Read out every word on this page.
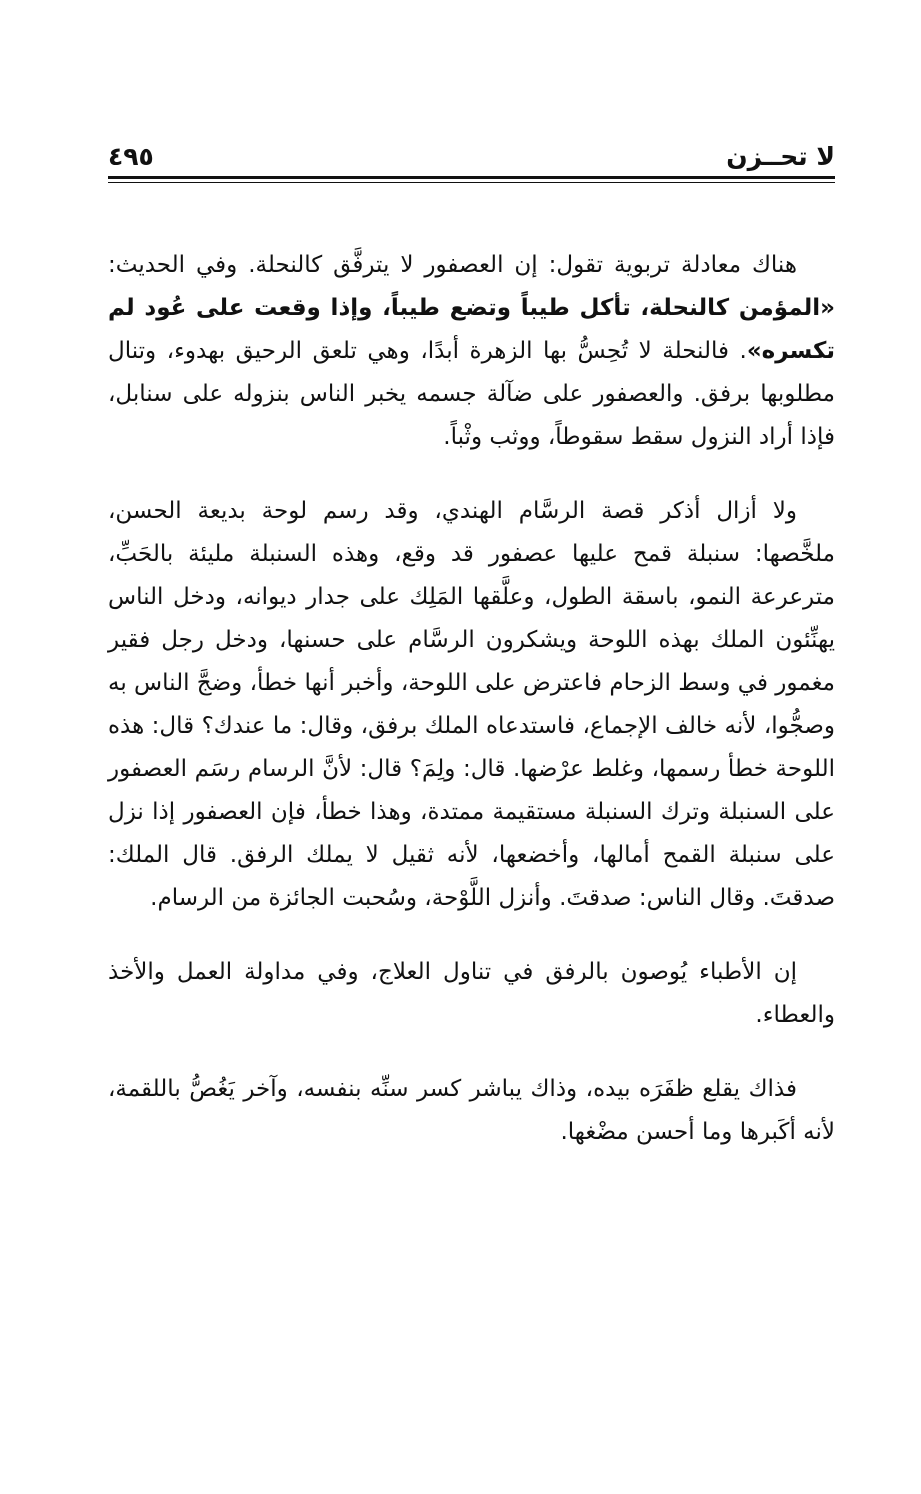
لا تحــزن
٤٩٥

هناك معادلة تربوية تقول: إن العصفور لا يترفَّق كالنحلة. وفي الحديث: «المؤمن كالنحلة، تأكل طيباً وتضع طيباً، وإذا وقعت على عُود لم تكسره». فالنحلة لا تُحِسُّ بها الزهرة أبدًا، وهي تلعق الرحيق بهدوء، وتنال مطلوبها برفق. والعصفور على ضآلة جسمه يخبر الناس بنزوله على سنابل، فإذا أراد النزول سقط سقوطاً، ووثب وثْباً.

ولا أزال أذكر قصة الرسَّام الهندي، وقد رسم لوحة بديعة الحسن، ملخَّصها: سنبلة قمح عليها عصفور قد وقع، وهذه السنبلة مليئة بالحَبِّ، مترعرعة النمو، باسقة الطول، وعلَّقها المَلِك على جدار ديوانه، ودخل الناس يهنِّئون الملك بهذه اللوحة ويشكرون الرسَّام على حسنها، ودخل رجل فقير مغمور في وسط الزحام فاعترض على اللوحة، وأخبر أنها خطأ، وضجَّ الناس به وصجُّوا، لأنه خالف الإجماع، فاستدعاه الملك برفق، وقال: ما عندك؟ قال: هذه اللوحة خطأ رسمها، وغلط عرْضها. قال: ولِمَ؟ قال: لأنَّ الرسام رسَم العصفور على السنبلة وترك السنبلة مستقيمة ممتدة، وهذا خطأ، فإن العصفور إذا نزل على سنبلة القمح أمالها، وأخضعها، لأنه ثقيل لا يملك الرفق. قال الملك: صدقتَ. وقال الناس: صدقتَ. وأنزل اللَّوْحة، وسُحبت الجائزة من الرسام.

إن الأطباء يُوصون بالرفق في تناول العلاج، وفي مداولة العمل والأخذ والعطاء.

فذاك يقلع ظفَرَه بيده، وذاك يباشر كسر سنِّه بنفسه، وآخر يَغُصُّ باللقمة، لأنه أكَبرها وما أحسن مضْغها.
